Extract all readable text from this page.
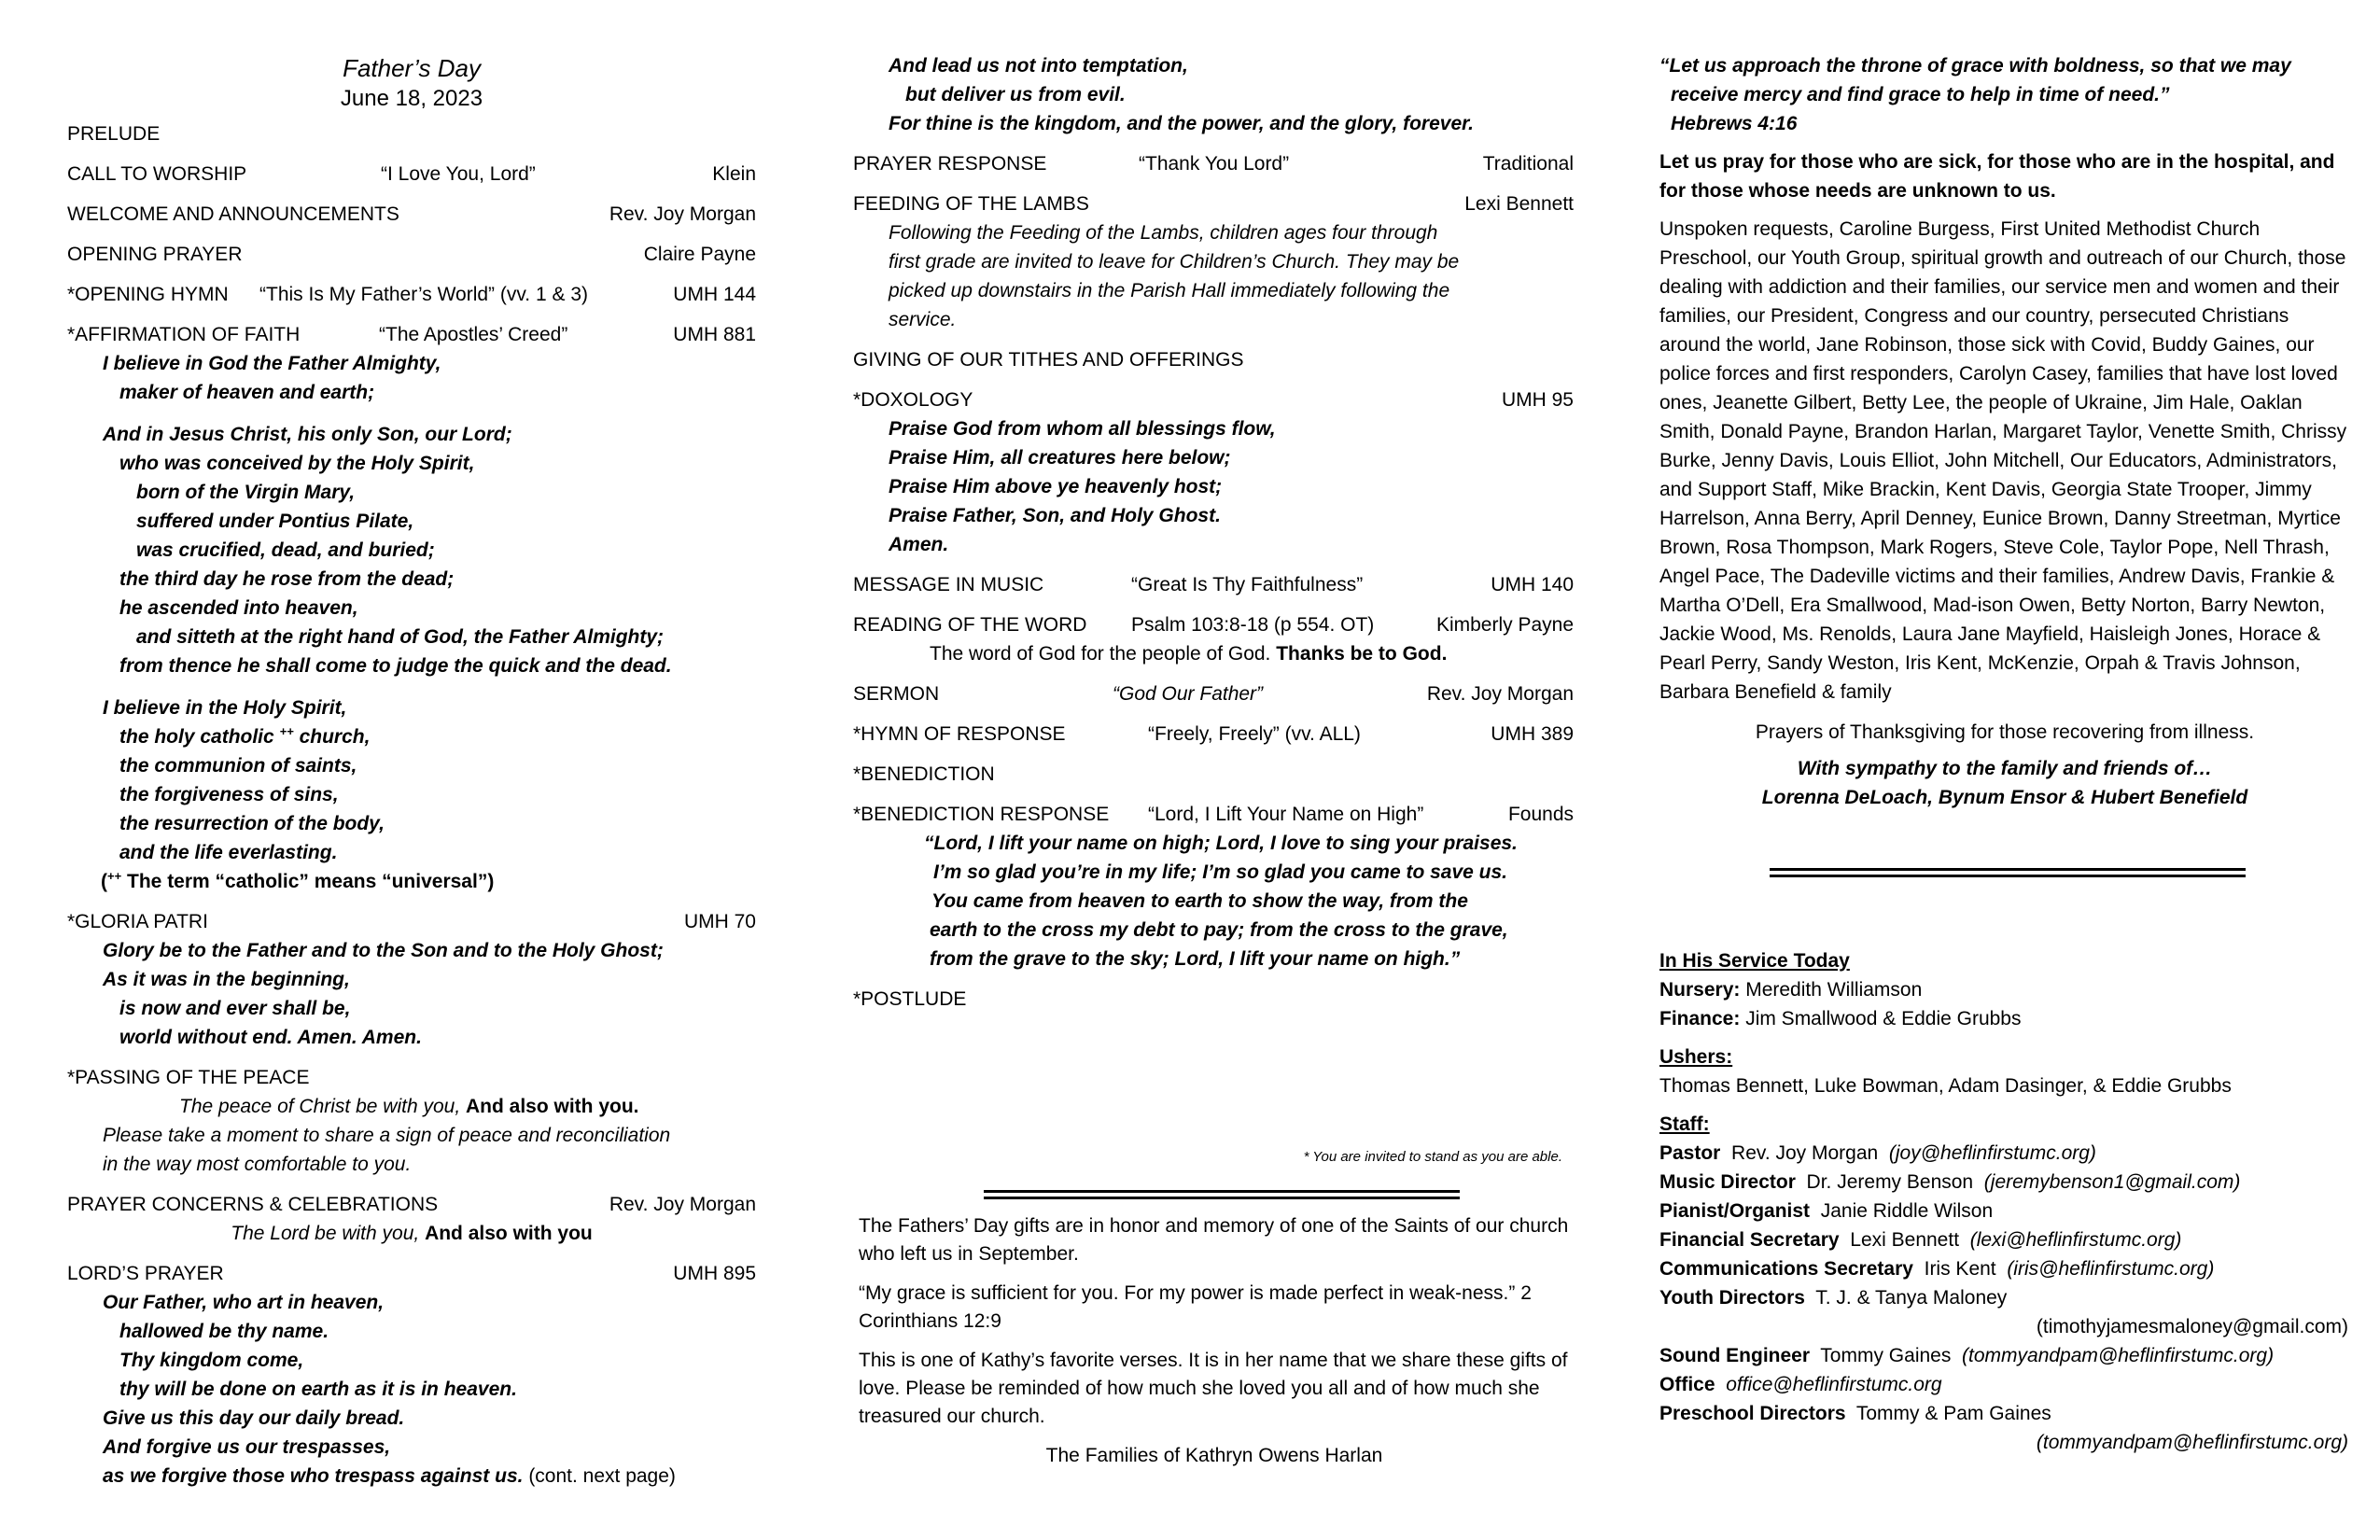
Father’s Day
June 18, 2023
PRELUDE
CALL TO WORSHIP	“I Love You, Lord”	Klein
WELCOME AND ANNOUNCEMENTS	Rev. Joy Morgan
OPENING PRAYER	Claire Payne
*OPENING HYMN	“This Is My Father’s World” (vv. 1 & 3)	UMH 144
*AFFIRMATION OF FAITH	“The Apostles’ Creed”	UMH 881
I believe in God the Father Almighty,
maker of heaven and earth;
And in Jesus Christ, his only Son, our Lord;
who was conceived by the Holy Spirit,
born of the Virgin Mary,
suffered under Pontius Pilate,
was crucified, dead, and buried;
the third day he rose from the dead;
he ascended into heaven,
and sitteth at the right hand of God, the Father Almighty;
from thence he shall come to judge the quick and the dead.
I believe in the Holy Spirit,
the holy catholic ++ church,
the communion of saints,
the forgiveness of sins,
the resurrection of the body,
and the life everlasting.
(++ The term “catholic” means “universal”)
*GLORIA PATRI	UMH 70
Glory be to the Father and to the Son and to the Holy Ghost;
As it was in the beginning,
is now and ever shall be,
world without end. Amen. Amen.
*PASSING OF THE PEACE
The peace of Christ be with you, And also with you.
Please take a moment to share a sign of peace and reconciliation
in the way most comfortable to you.
PRAYER CONCERNS & CELEBRATIONS	Rev. Joy Morgan
The Lord be with you, And also with you
LORD’S PRAYER	UMH 895
Our Father, who art in heaven,
hallowed be thy name.
Thy kingdom come,
thy will be done on earth as it is in heaven.
Give us this day our daily bread.
And forgive us our trespasses,
as we forgive those who trespass against us. (cont. next page)
And lead us not into temptation,
but deliver us from evil.
For thine is the kingdom, and the power, and the glory, forever.
PRAYER RESPONSE	“Thank You Lord”	Traditional
FEEDING OF THE LAMBS	Lexi Bennett
Following the Feeding of the Lambs, children ages four through
first grade are invited to leave for Children’s Church. They may be
picked up downstairs in the Parish Hall immediately following the
service.
GIVING OF OUR TITHES AND OFFERINGS
*DOXOLOGY	UMH 95
Praise God from whom all blessings flow,
Praise Him, all creatures here below;
Praise Him above ye heavenly host;
Praise Father, Son, and Holy Ghost.
Amen.
MESSAGE IN MUSIC	“Great Is Thy Faithfulness”	UMH 140
READING OF THE WORD	Psalm 103:8-18 (p 554. OT)	Kimberly Payne
The word of God for the people of God. Thanks be to God.
SERMON	“God Our Father”	Rev. Joy Morgan
*HYMN OF RESPONSE	“Freely, Freely” (vv. ALL)	UMH 389
*BENEDICTION
*BENEDICTION RESPONSE	“Lord, I Lift Your Name on High”	Founds
“Lord, I lift your name on high; Lord, I love to sing your praises.
I’m so glad you’re in my life; I’m so glad you came to save us.
You came from heaven to earth to show the way, from the
earth to the cross my debt to pay; from the cross to the grave,
from the grave to the sky; Lord, I lift your name on high.”
*POSTLUDE
* You are invited to stand as you are able.

The Fathers’ Day gifts are in honor and memory of one of the Saints of our church who left us in September.

“My grace is sufficient for you. For my power is made perfect in weak-ness.” 2 Corinthians 12:9

This is one of Kathy’s favorite verses. It is in her name that we share these gifts of love. Please be reminded of how much she loved you all and of how much she treasured our church.

The Families of Kathryn Owens Harlan

“Let us approach the throne of grace with boldness, so that we may
receive mercy and find grace to help in time of need.”
Hebrews 4:16
Let us pray for those who are sick, for those who are in the hospital, and for those whose needs are unknown to us.
Unspoken requests, Caroline Burgess, First United Methodist Church Preschool, our Youth Group, spiritual growth and outreach of our Church, those dealing with addiction and their families, our service men and women and their families, our President, Congress and our country, persecuted Christians around the world, Jane Robinson, those sick with Covid, Buddy Gaines, our police forces and first responders, Carolyn Casey, families that have lost loved ones, Jeanette Gilbert, Betty Lee, the people of Ukraine, Jim Hale, Oaklan Smith, Donald Payne, Brandon Harlan, Margaret Taylor, Venette Smith, Chrissy Burke, Jenny Davis, Louis Elliot, John Mitchell, Our Educators, Administrators, and Support Staff, Mike Brackin, Kent Davis, Georgia State Trooper, Jimmy Harrelson, Anna Berry, April Denney, Eunice Brown, Danny Streetman, Myrtice Brown, Rosa Thompson, Mark Rogers, Steve Cole, Taylor Pope, Nell Thrash, Angel Pace, The Dadeville victims and their families, Andrew Davis, Frankie & Martha O’Dell, Era Smallwood, Mad-ison Owen, Betty Norton, Barry Newton, Jackie Wood, Ms. Renolds, Laura Jane Mayfield, Haisleigh Jones, Horace & Pearl Perry, Sandy Weston, Iris Kent, McKenzie, Orpah & Travis Johnson, Barbara Benefield & family
Prayers of Thanksgiving for those recovering from illness.
With sympathy to the family and friends of…
Lorenna DeLoach, Bynum Ensor & Hubert Benefield
In His Service Today
Nursery: Meredith Williamson
Finance: Jim Smallwood & Eddie Grubbs
Ushers:
Thomas Bennett, Luke Bowman, Adam Dasinger, & Eddie Grubbs
Staff:
Pastor  Rev. Joy Morgan  (joy@heflinfirstumc.org)
Music Director  Dr. Jeremy Benson  (jeremybenson1@gmail.com)
Pianist/Organist  Janie Riddle Wilson
Financial Secretary  Lexi Bennett  (lexi@heflinfirstumc.org)
Communications Secretary  Iris Kent  (iris@heflinfirstumc.org)
Youth Directors  T. J. & Tanya Maloney
(timothyjamesmaloney@gmail.com)
Sound Engineer  Tommy Gaines  (tommyandpam@heflinfirstumc.org)
Office office@heflinfirstumc.org
Preschool Directors  Tommy & Pam Gaines
(tommyandpam@heflinfirstumc.org)
